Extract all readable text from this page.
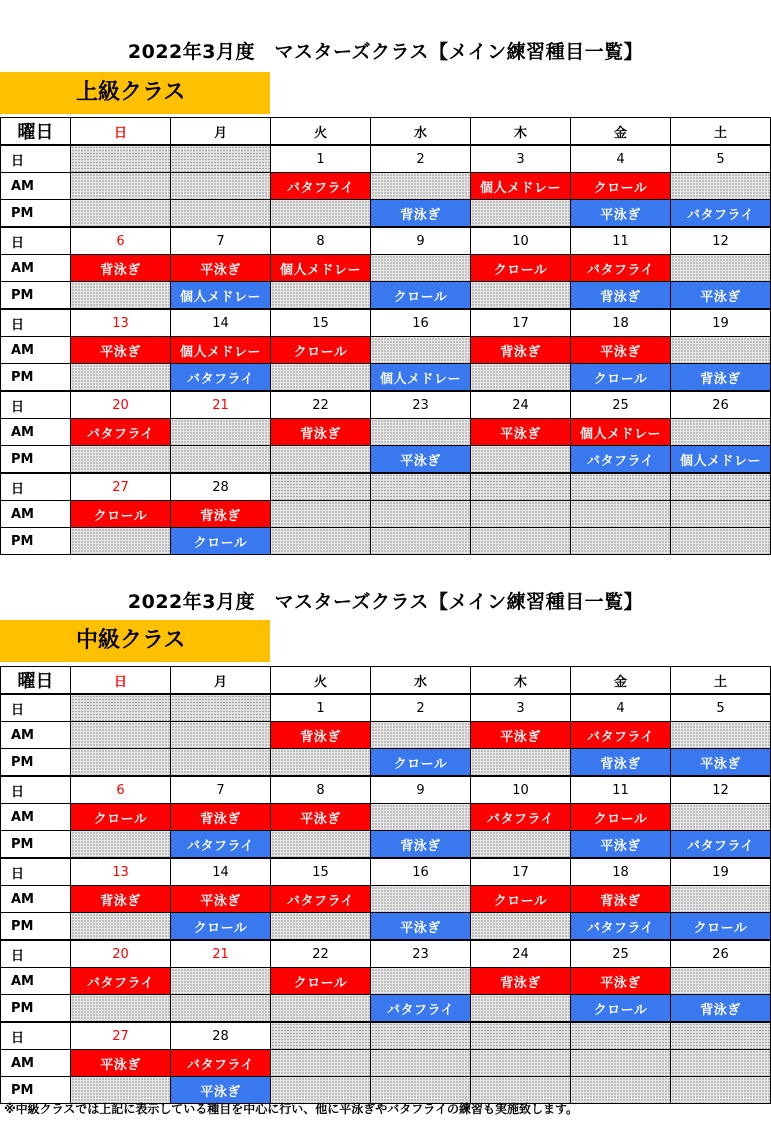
2022年3月度　マスターズクラス【メイン練習種目一覧】
上級クラス
曜日	日	月	火	水	木	金	土
日			1	2	3	4	5
AM			バタフライ		個人メドレー	クロール	
PM				背泳ぎ		平泳ぎ	バタフライ
日	6	7	8	9	10	11	12
AM	背泳ぎ	平泳ぎ	個人メドレー		クロール	バタフライ	
PM		個人メドレー		クロール		背泳ぎ	平泳ぎ
日	13	14	15	16	17	18	19
AM	平泳ぎ	個人メドレー	クロール		背泳ぎ	平泳ぎ	
PM		バタフライ		個人メドレー		クロール	背泳ぎ
日	20	21	22	23	24	25	26
AM	バタフライ		背泳ぎ		平泳ぎ	個人メドレー	
PM				平泳ぎ		バタフライ	個人メドレー
日	27	28					
AM	クロール	背泳ぎ					
PM		クロール					
2022年3月度　マスターズクラス【メイン練習種目一覧】
中級クラス
曜日	日	月	火	水	木	金	土
日			1	2	3	4	5
AM			背泳ぎ		平泳ぎ	バタフライ	
PM				クロール		背泳ぎ	平泳ぎ
日	6	7	8	9	10	11	12
AM	クロール	背泳ぎ	平泳ぎ		バタフライ	クロール	
PM		バタフライ		背泳ぎ		平泳ぎ	バタフライ
日	13	14	15	16	17	18	19
AM	背泳ぎ	平泳ぎ	バタフライ		クロール	背泳ぎ	
PM		クロール		平泳ぎ		バタフライ	クロール
日	20	21	22	23	24	25	26
AM	バタフライ		クロール		背泳ぎ	平泳ぎ	
PM				バタフライ		クロール	背泳ぎ
日	27	28					
AM	平泳ぎ	バタフライ					
PM		平泳ぎ					
※中級クラスでは上記に表示している種目を中心に行い、他に平泳ぎやバタフライの練習も実施致します。
